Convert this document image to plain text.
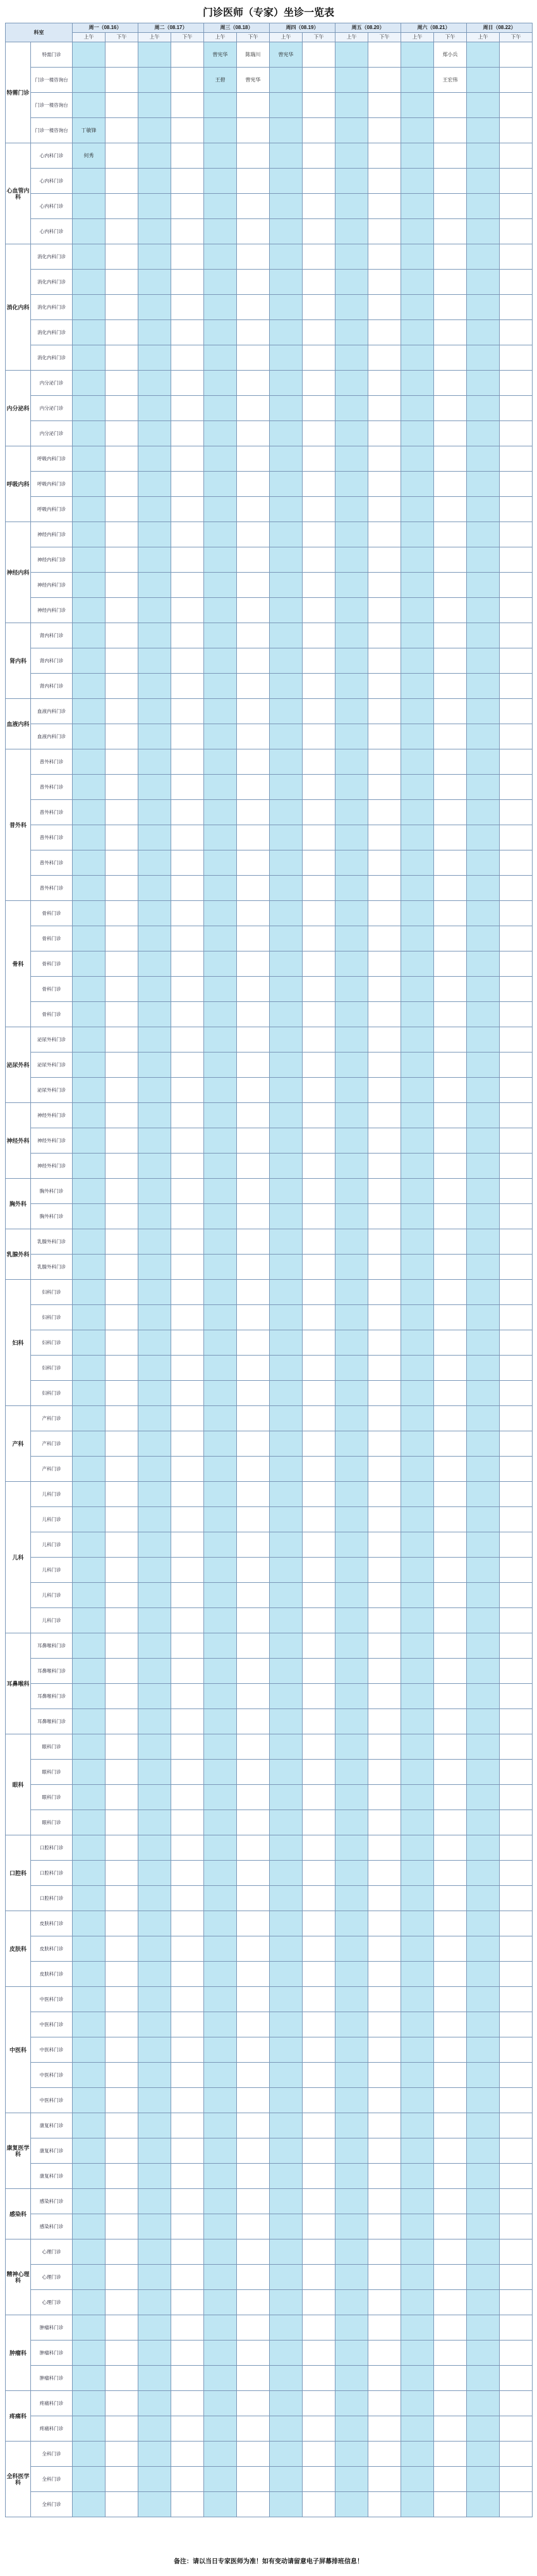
门诊医师（专家）坐诊一览表
科室		周一（08.16）		周二（08.17）		周三（08.18）		周四（08.19）		周五（08.20）		周六（08.21）		周日（08.22）	
		上午	下午	上午	下午	上午	下午	上午	下午	上午	下午	上午	下午	上午	下午
特需门诊	特需门诊					曾宪华	陈瑞川	曾宪华					郑小兵		
	门诊一楼咨询台					王碧	曾宪华						王宏伟		
	门诊一楼咨询台														
	门诊一楼咨询台	丁敏锋													
心血管内科	心内科门诊	何秀													
	心内科门诊														
	心内科门诊														
	心内科门诊														
消化内科	消化内科门诊														
	消化内科门诊														
	消化内科门诊														
	消化内科门诊														
	消化内科门诊														
内分泌科	内分泌门诊														
	内分泌门诊														
	内分泌门诊														
呼吸内科	呼吸内科门诊														
	呼吸内科门诊														
	呼吸内科门诊														
神经内科	神经内科门诊														
	神经内科门诊														
	神经内科门诊														
	神经内科门诊														
肾内科	肾内科门诊														
	肾内科门诊														
	肾内科门诊														
血液内科	血液内科门诊														
	血液内科门诊														
普外科	普外科门诊														
	普外科门诊														
	普外科门诊														
	普外科门诊														
	普外科门诊														
	普外科门诊														
骨科	骨科门诊														
	骨科门诊														
	骨科门诊														
	骨科门诊														
	骨科门诊														
泌尿外科	泌尿外科门诊														
	泌尿外科门诊														
	泌尿外科门诊														
神经外科	神经外科门诊														
	神经外科门诊														
	神经外科门诊														
胸外科	胸外科门诊														
	胸外科门诊														
乳腺外科	乳腺外科门诊														
	乳腺外科门诊														
妇科	妇科门诊														
	妇科门诊														
	妇科门诊														
	妇科门诊														
	妇科门诊														
产科	产科门诊														
	产科门诊														
	产科门诊														
儿科	儿科门诊														
	儿科门诊														
	儿科门诊														
	儿科门诊														
	儿科门诊														
	儿科门诊														
耳鼻喉科	耳鼻喉科门诊														
	耳鼻喉科门诊														
	耳鼻喉科门诊														
	耳鼻喉科门诊														
眼科	眼科门诊														
	眼科门诊														
	眼科门诊														
	眼科门诊														
口腔科	口腔科门诊														
	口腔科门诊														
	口腔科门诊														
皮肤科	皮肤科门诊														
	皮肤科门诊														
	皮肤科门诊														
中医科	中医科门诊														
	中医科门诊														
	中医科门诊														
	中医科门诊														
	中医科门诊														
康复医学科	康复科门诊														
	康复科门诊														
	康复科门诊														
感染科	感染科门诊														
	感染科门诊														
精神心理科	心理门诊														
	心理门诊														
	心理门诊														
肿瘤科	肿瘤科门诊														
	肿瘤科门诊														
	肿瘤科门诊														
疼痛科	疼痛科门诊														
	疼痛科门诊														
全科医学科	全科门诊														
	全科门诊														
	全科门诊														
备注：请以当日专家医师为准！如有变动请留意电子屏幕排班信息！
